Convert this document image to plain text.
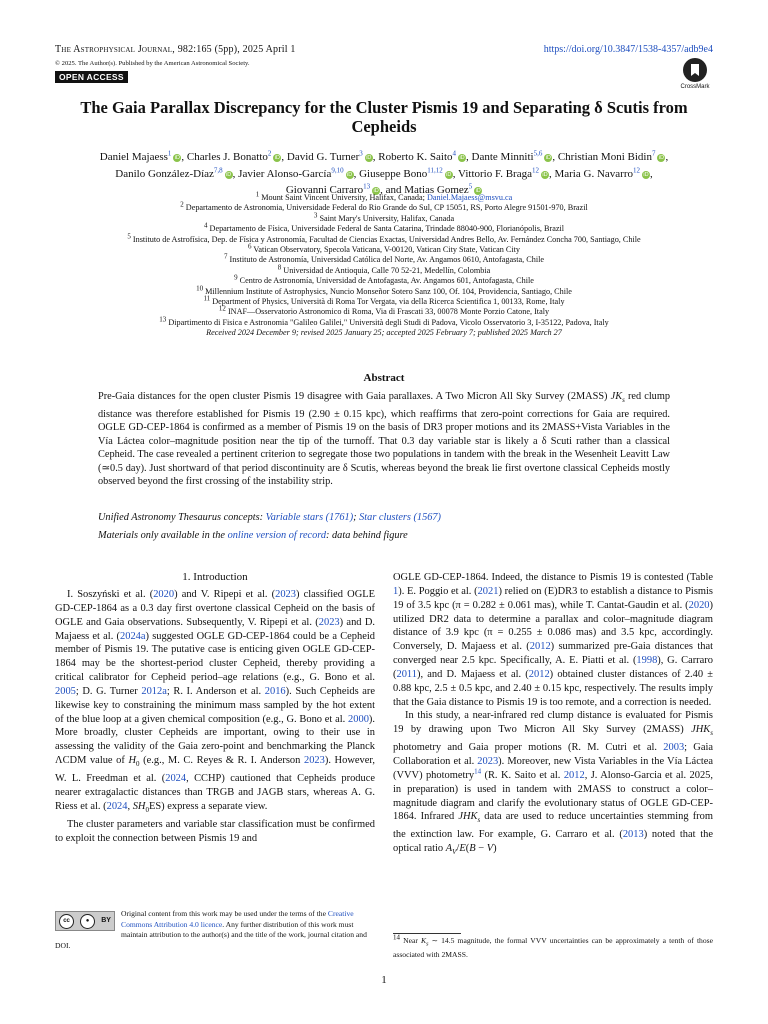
The Astrophysical Journal, 982:165 (5pp), 2025 April 1
© 2025. The Author(s). Published by the American Astronomical Society.
https://doi.org/10.3847/1538-4357/adb9e4
OPEN ACCESS
CrossMark
The Gaia Parallax Discrepancy for the Cluster Pismis 19 and Separating δ Scutis from
Cepheids
Daniel Majaess$^1$iD, Charles J. Bonatto$^2$iD, David G. Turner$^3$iD, Roberto K. Saito$^4$iD, Dante Minniti$^{5,6}$iD, Christian Moni Bidin$^7$iD,
Danilo González-Díaz$^{7,8}$iD, Javier Alonso-García$^{9,10}$iD, Giuseppe Bono$^{11,12}$iD, Vittorio F. Braga$^{12}$iD, Maria G. Navarro$^{12}$iD,
Giovanni Carraro$^{13}$iD, and Matias Gomez$^5$iD
$^1$ Mount Saint Vincent University, Halifax, Canada; Daniel.Majaess@msvu.ca
$^2$ Departamento de Astronomia, Universidade Federal do Rio Grande do Sul, CP 15051, RS, Porto Alegre 91501-970, Brazil
$^3$ Saint Mary's University, Halifax, Canada
$^4$ Departamento de Física, Universidade Federal de Santa Catarina, Trindade 88040-900, Florianópolis, Brazil
$^5$ Instituto de Astrofísica, Dep. de Física y Astronomía, Facultad de Ciencias Exactas, Universidad Andres Bello, Av. Fernández Concha 700, Santiago, Chile
$^6$ Vatican Observatory, Specola Vaticana, V-00120, Vatican City State, Vatican City
$^7$ Instituto de Astronomía, Universidad Católica del Norte, Av. Angamos 0610, Antofagasta, Chile
$^8$ Universidad de Antioquia, Calle 70 52-21, Medellín, Colombia
$^9$ Centro de Astronomía, Universidad de Antofagasta, Av. Angamos 601, Antofagasta, Chile
$^{10}$ Millennium Institute of Astrophysics, Nuncio Monseñor Sotero Sanz 100, Of. 104, Providencia, Santiago, Chile
$^{11}$ Department of Physics, Università di Roma Tor Vergata, via della Ricerca Scientifica 1, 00133, Rome, Italy
$^{12}$ INAF—Osservatorio Astronomico di Roma, Via di Frascati 33, 00078 Monte Porzio Catone, Italy
$^{13}$ Dipartimento di Fisica e Astronomia "Galileo Galilei," Università degli Studi di Padova, Vicolo Osservatorio 3, I-35122, Padova, Italy
Received 2024 December 9; revised 2025 January 25; accepted 2025 February 7; published 2025 March 27
Abstract
Pre-Gaia distances for the open cluster Pismis 19 disagree with Gaia parallaxes. A Two Micron All Sky Survey (2MASS) $JK_s$ red clump distance was therefore established for Pismis 19 (2.90 ± 0.15 kpc), which reaffirms that zero-point corrections for Gaia are required. OGLE GD-CEP-1864 is confirmed as a member of Pismis 19 on the basis of DR3 proper motions and its 2MASS+Vista Variables in the Vía Láctea color–magnitude position near the tip of the turnoff. That 0.3 day variable star is likely a δ Scuti rather than a classical Cepheid. The case revealed a pertinent criterion to segregate those two populations in tandem with the break in the Wesenheit Leavitt Law (≃0.5 day). Just shortward of that period discontinuity are δ Scutis, whereas beyond the break lie first overtone classical Cepheids mostly observed beyond the first crossing of the instability strip.
Unified Astronomy Thesaurus concepts: Variable stars (1761); Star clusters (1567)
Materials only available in the online version of record: data behind figure
1. Introduction

I. Soszyński et al. (2020) and V. Ripepi et al. (2023) classified OGLE GD-CEP-1864 as a 0.3 day first overtone classical Cepheid on the basis of OGLE and Gaia observations. Subsequently, V. Ripepi et al. (2023) and D. Majaess et al. (2024a) suggested OGLE GD-CEP-1864 could be a Cepheid member of Pismis 19. The putative case is enticing given OGLE GD-CEP-1864 may be the shortest-period cluster Cepheid, thereby providing a critical calibrator for Cepheid period–age relations (e.g., G. Bono et al. 2005; D. G. Turner 2012a; R. I. Anderson et al. 2016). Such Cepheids are likewise key to constraining the minimum mass sampled by the hot extent of the blue loop at a given chemical composition (e.g., G. Bono et al. 2000). More broadly, cluster Cepheids are important, owing to their use in assessing the validity of the Gaia zero-point and benchmarking the Planck ΛCDM value of $H_0$ (e.g., M. C. Reyes & R. I. Anderson 2023). However, W. L. Freedman et al. (2024, CCHP) cautioned that Cepheids produce nearer extragalactic distances than TRGB and JAGB stars, whereas A. G. Riess et al. (2024, $SH_0ES$) express a separate view.

The cluster parameters and variable star classification must be confirmed to exploit the connection between Pismis 19 and

cc	●	BY
Original content from this work may be used under the terms of the Creative Commons Attribution 4.0 licence. Any further distribution of this work must maintain attribution to the author(s) and the title of the work, journal citation and DOI.

OGLE GD-CEP-1864. Indeed, the distance to Pismis 19 is contested (Table 1). E. Poggio et al. (2021) relied on (E)DR3 to establish a distance to Pismis 19 of 3.5 kpc (π = 0.282 ± 0.061 mas), while T. Cantat-Gaudin et al. (2020) utilized DR2 data to determine a parallax and color–magnitude diagram distance of 3.9 kpc (π = 0.255 ± 0.086 mas) and 3.5 kpc, accordingly. Conversely, D. Majaess et al. (2012) summarized pre-Gaia distances that converged near 2.5 kpc. Specifically, A. E. Piatti et al. (1998), G. Carraro (2011), and D. Majaess et al. (2012) obtained cluster distances of 2.40 ± 0.88 kpc, 2.5 ± 0.5 kpc, and 2.40 ± 0.15 kpc, respectively. The results imply that the Gaia distance to Pismis 19 is too remote, and a correction is needed.

In this study, a near-infrared red clump distance is evaluated for Pismis 19 by drawing upon Two Micron All Sky Survey (2MASS) $JHK_s$ photometry and Gaia proper motions (R. M. Cutri et al. 2003; Gaia Collaboration et al. 2023). Moreover, new Vista Variables in the Vía Láctea (VVV) photometry$^{14}$ (R. K. Saito et al. 2012, J. Alonso-Garcia et al. 2025, in preparation) is used in tandem with 2MASS to construct a color–magnitude diagram and clarify the evolutionary status of OGLE GD-CEP-1864. Infrared $JHK_s$ data are used to reduce uncertainties stemming from the extinction law. For example, G. Carraro et al. (2013) noted that the optical ratio $A_V/E(B - V)$

$^{14}$ Near $K_s$ ∼ 14.5 magnitude, the formal VVV uncertainties can be approximately a tenth of those associated with 2MASS.
1
